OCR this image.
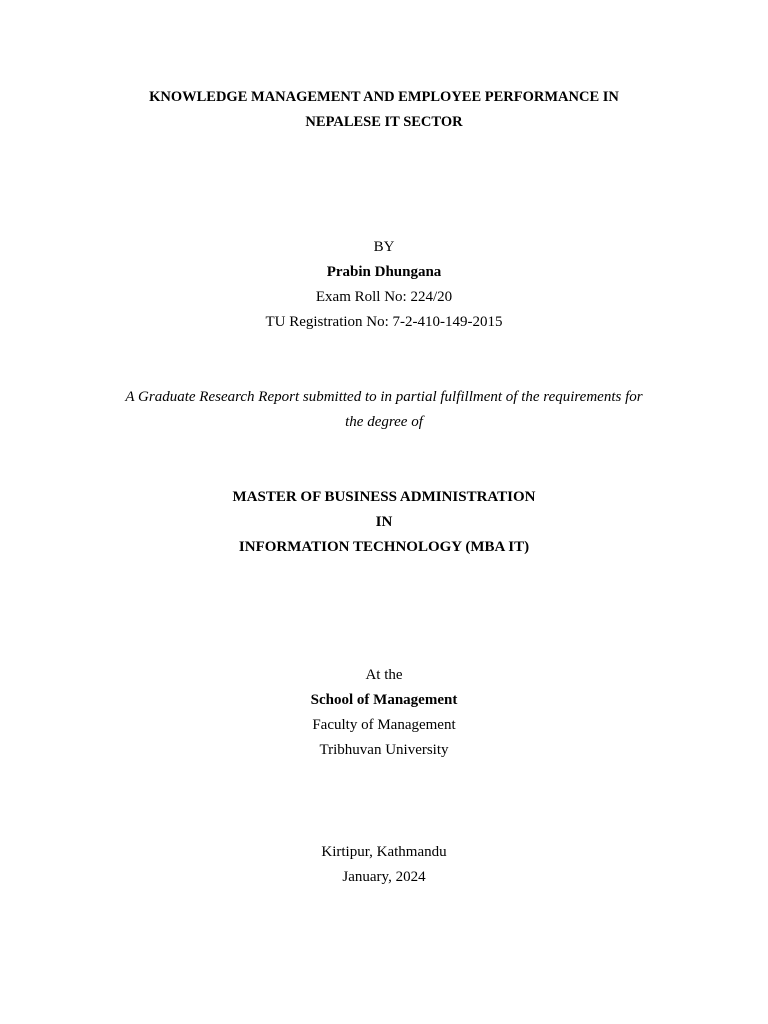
KNOWLEDGE MANAGEMENT AND EMPLOYEE PERFORMANCE IN
NEPALESE IT SECTOR
BY
Prabin Dhungana
Exam Roll No: 224/20
TU Registration No: 7-2-410-149-2015
A Graduate Research Report submitted to in partial fulfillment of the requirements for
the degree of
MASTER OF BUSINESS ADMINISTRATION
IN
INFORMATION TECHNOLOGY (MBA IT)
At the
School of Management
Faculty of Management
Tribhuvan University
Kirtipur, Kathmandu
January, 2024
